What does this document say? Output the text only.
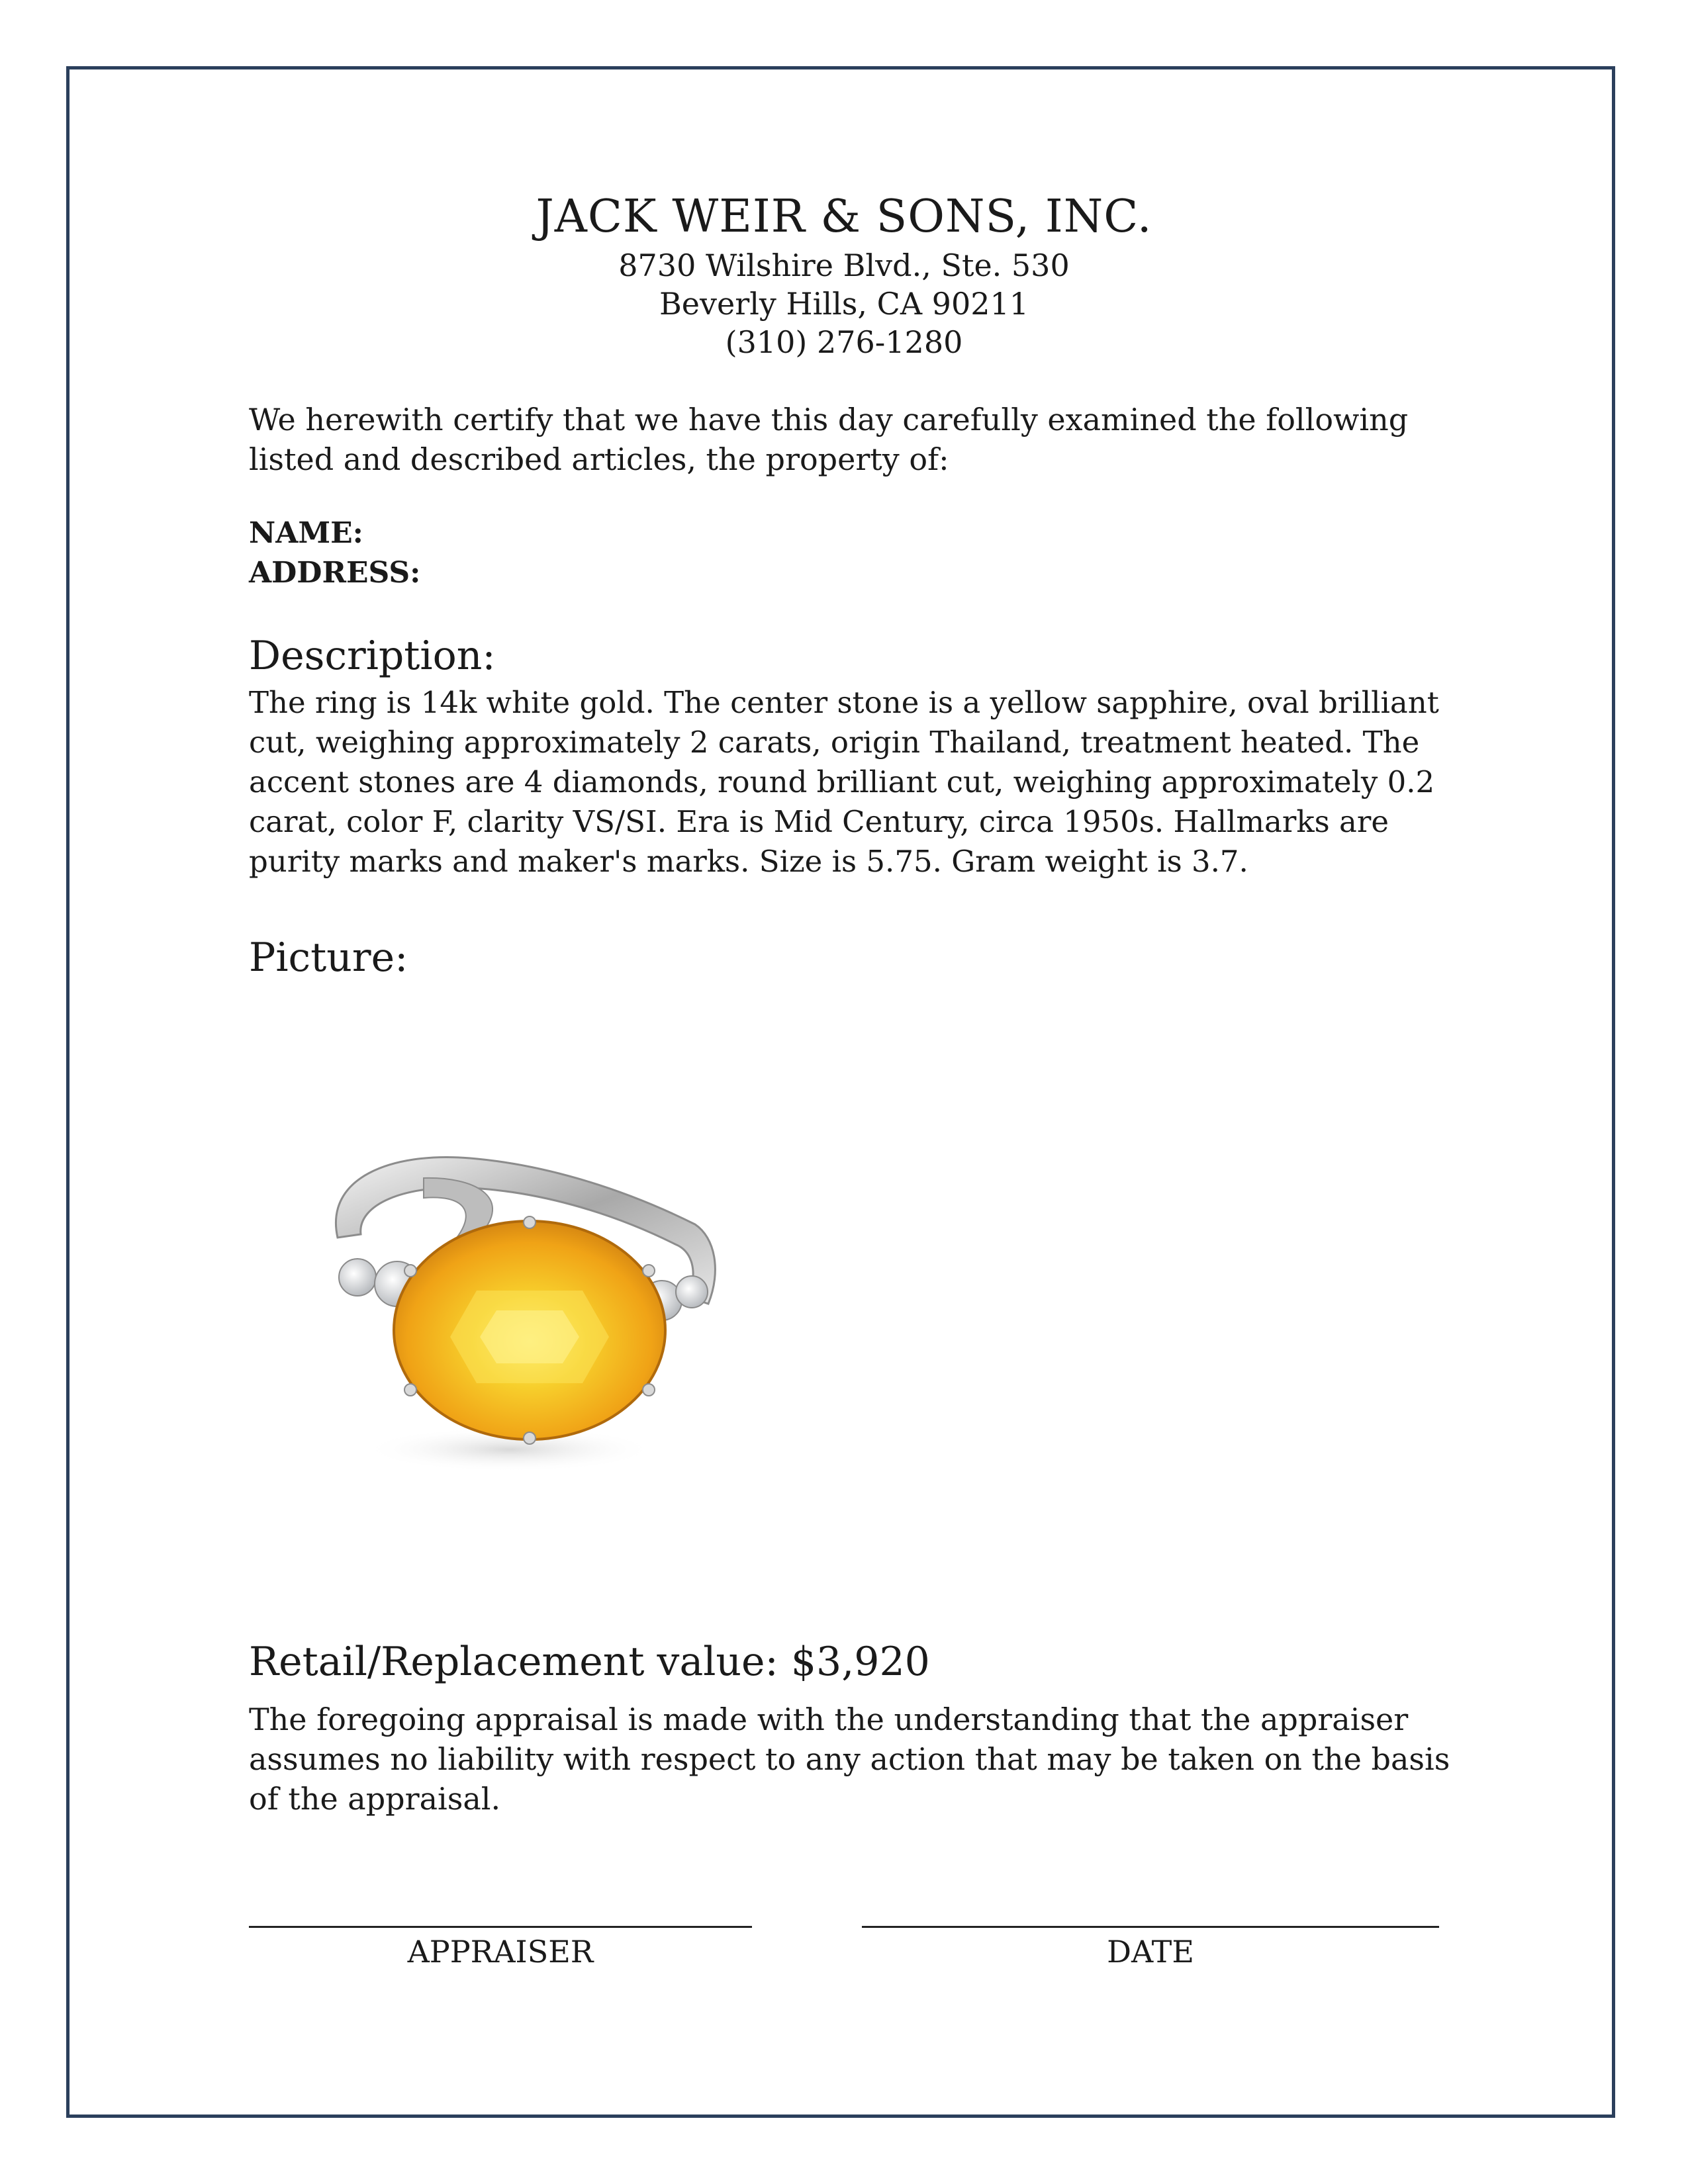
JACK WEIR & SONS, INC.
8730 Wilshire Blvd., Ste. 530
Beverly Hills, CA 90211
(310) 276-1280
We herewith certify that we have this day carefully examined the following listed and described articles, the property of:
NAME:
ADDRESS:
Description:
The ring is 14k white gold. The center stone is a yellow sapphire, oval brilliant cut, weighing approximately 2 carats, origin Thailand, treatment heated. The accent stones are 4 diamonds, round brilliant cut, weighing approximately 0.2 carat, color F, clarity VS/SI. Era is Mid Century, circa 1950s. Hallmarks are purity marks and maker's marks. Size is 5.75. Gram weight is 3.7.
Picture:
Retail/Replacement value: $3,920
The foregoing appraisal is made with the understanding that the appraiser assumes no liability with respect to any action that may be taken on the basis of the appraisal.
APPRAISER	DATE
